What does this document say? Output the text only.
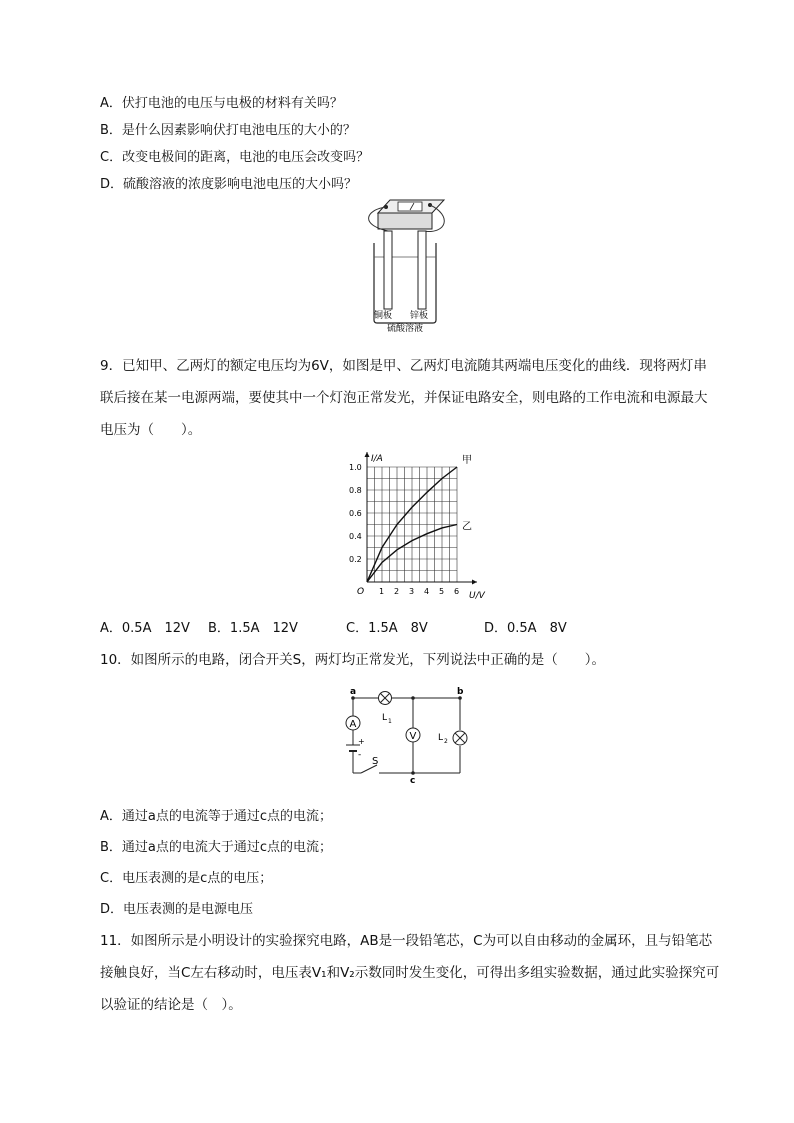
A．伏打电池的电压与电极的材料有关吗？
B．是什么因素影响伏打电池电压的大小的？
C．改变电极间的距离，电池的电压会改变吗？
D．硫酸溶液的浓度影响电池电压的大小吗？
铜板 锌板
硫酸溶液
9．已知甲、乙两灯的额定电压均为6V，如图是甲、乙两灯电流随其两端电压变化的曲线．现将两灯串联后接在某一电源两端，要使其中一个灯泡正常发光，并保证电路安全，则电路的工作电流和电源最大电压为（　　）。
1 2 3 4 5 6
0.2
0.4
0.6
0.8
1.0
O	U/V
I/A	甲
乙
A．0.5A　12V B．1.5A　12V	C．1.5A　8V	D．0.5A　8V
10．如图所示的电路，闭合开关S，两灯均正常发光，下列说法中正确的是（　　）。
+
-
A
L 1
V L 2
a	b
c
S
A．通过a点的电流等于通过c点的电流；
B．通过a点的电流大于通过c点的电流；
C．电压表测的是c点的电压；
D．电压表测的是电源电压
11．如图所示是小明设计的实验探究电路，AB是一段铅笔芯，C为可以自由移动的金属环，且与铅笔芯接触良好，当C左右移动时，电压表V₁和V₂示数同时发生变化，可得出多组实验数据，通过此实验探究可以验证的结论是（　）。
